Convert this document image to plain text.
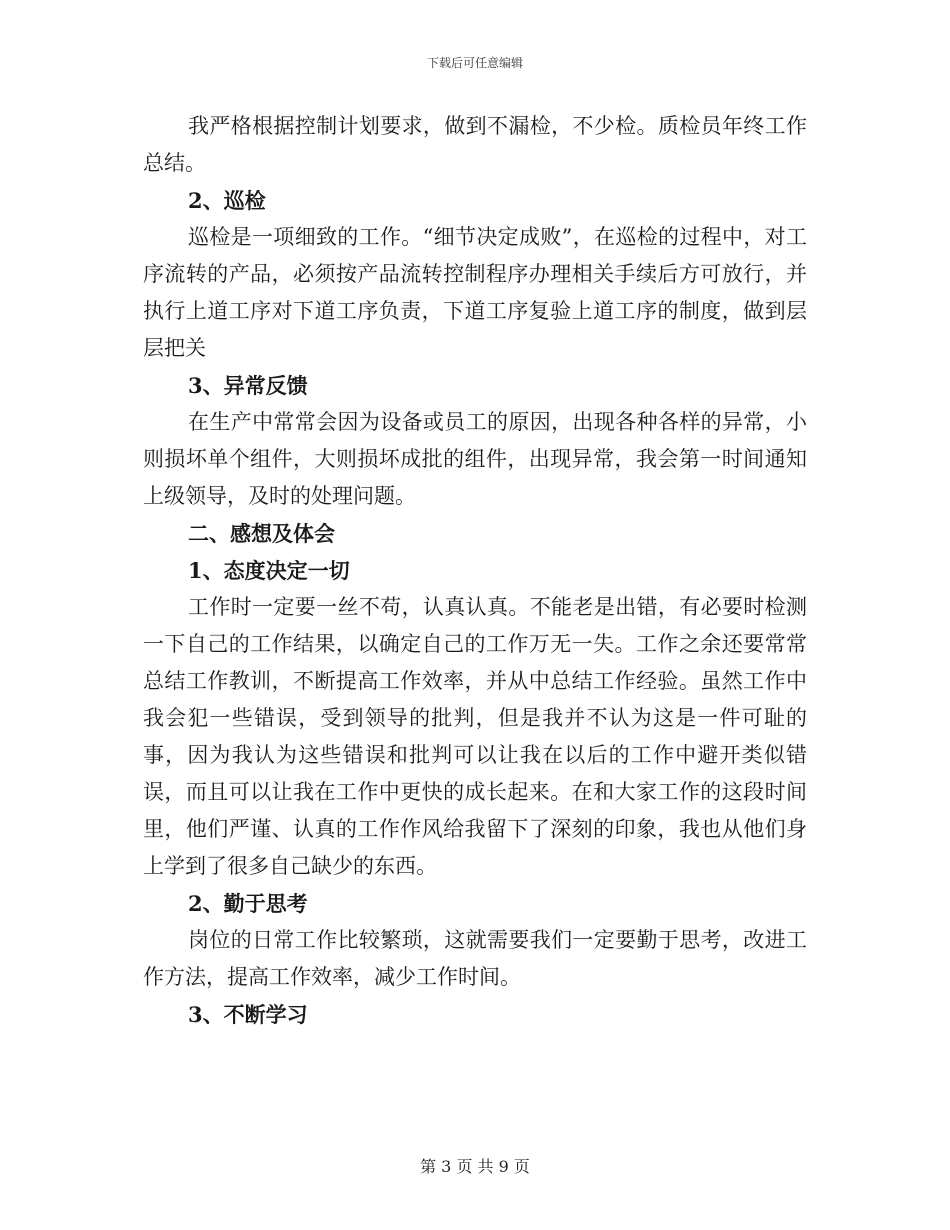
下载后可任意编辑

我严格根据控制计划要求，做到不漏检，不少检。质检员年终工作总结。

2、巡检

巡检是一项细致的工作。“细节决定成败”，在巡检的过程中，对工序流转的产品，必须按产品流转控制程序办理相关手续后方可放行，并执行上道工序对下道工序负责，下道工序复验上道工序的制度，做到层层把关

3、异常反馈

在生产中常常会因为设备或员工的原因，出现各种各样的异常，小则损坏单个组件，大则损坏成批的组件，出现异常，我会第一时间通知上级领导，及时的处理问题。

二、感想及体会

1、态度决定一切

工作时一定要一丝不苟，认真认真。不能老是出错，有必要时检测一下自己的工作结果，以确定自己的工作万无一失。工作之余还要常常总结工作教训，不断提高工作效率，并从中总结工作经验。虽然工作中我会犯一些错误，受到领导的批判，但是我并不认为这是一件可耻的事，因为我认为这些错误和批判可以让我在以后的工作中避开类似错误，而且可以让我在工作中更快的成长起来。在和大家工作的这段时间里，他们严谨、认真的工作作风给我留下了深刻的印象，我也从他们身上学到了很多自己缺少的东西。

2、勤于思考

岗位的日常工作比较繁琐，这就需要我们一定要勤于思考，改进工作方法，提高工作效率，减少工作时间。

3、不断学习

第 3 页 共 9 页
